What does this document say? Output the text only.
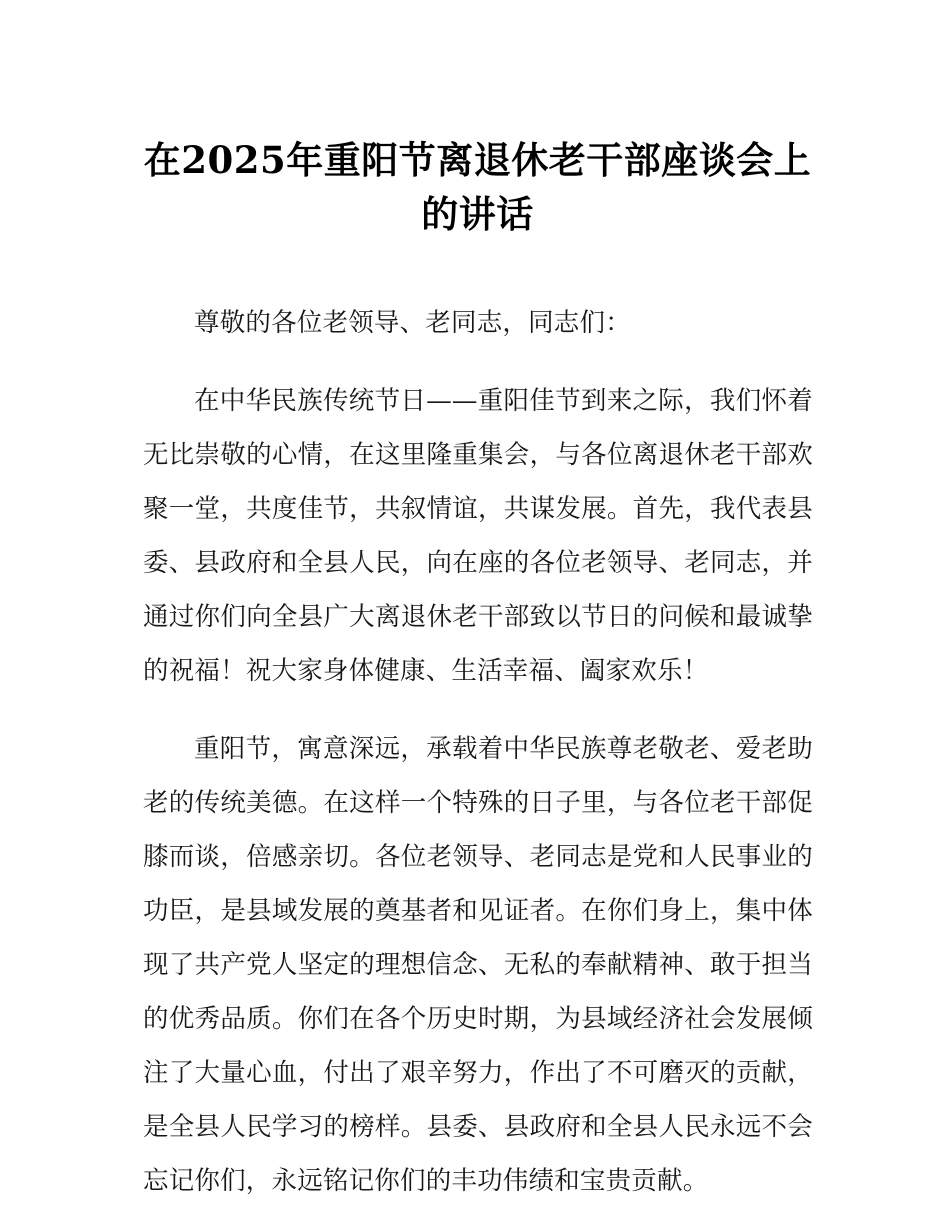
在2025年重阳节离退休老干部座谈会上的讲话

尊敬的各位老领导、老同志，同志们：

在中华民族传统节日——重阳佳节到来之际，我们怀着无比崇敬的心情，在这里隆重集会，与各位离退休老干部欢聚一堂，共度佳节，共叙情谊，共谋发展。首先，我代表县委、县政府和全县人民，向在座的各位老领导、老同志，并通过你们向全县广大离退休老干部致以节日的问候和最诚挚的祝福！祝大家身体健康、生活幸福、阖家欢乐！

重阳节，寓意深远，承载着中华民族尊老敬老、爱老助老的传统美德。在这样一个特殊的日子里，与各位老干部促膝而谈，倍感亲切。各位老领导、老同志是党和人民事业的功臣，是县域发展的奠基者和见证者。在你们身上，集中体现了共产党人坚定的理想信念、无私的奉献精神、敢于担当的优秀品质。你们在各个历史时期，为县域经济社会发展倾注了大量心血，付出了艰辛努力，作出了不可磨灭的贡献，是全县人民学习的榜样。县委、县政府和全县人民永远不会忘记你们，永远铭记你们的丰功伟绩和宝贵贡献。
